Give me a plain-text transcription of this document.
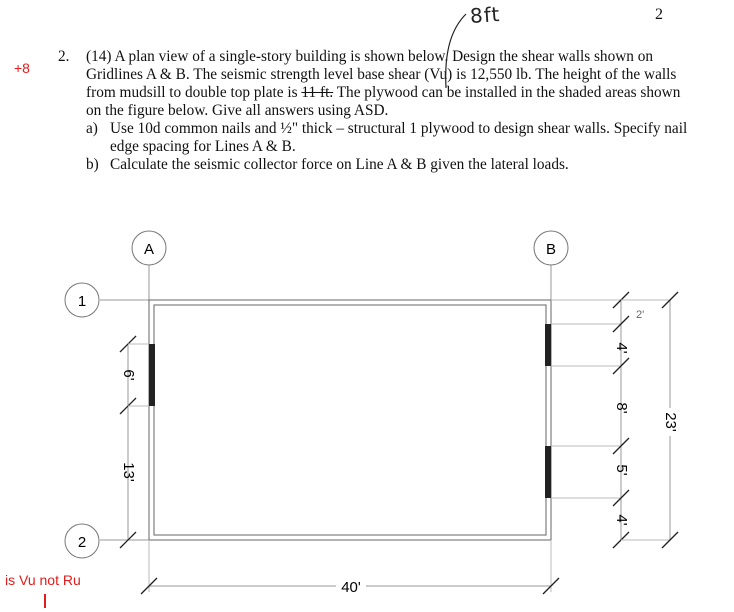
2
8ft
+8
2. (14) A plan view of a single-story building is shown below. Design the shear walls shown on Gridlines A & B. The seismic strength level base shear (Vu) is 12,550 lb. The height of the walls from mudsill to double top plate is 11 ft. The plywood can be installed in the shaded areas shown on the figure below. Give all answers using ASD.
a) Use 10d common nails and ½" thick – structural 1 plywood to design shear walls. Specify nail edge spacing for Lines A & B.
b) Calculate the seismic collector force on Line A & B given the lateral loads.
A	B
1
2
6'
13'
2'
4'
8'
5'
4'
23'
40'
is Vu not Ru
